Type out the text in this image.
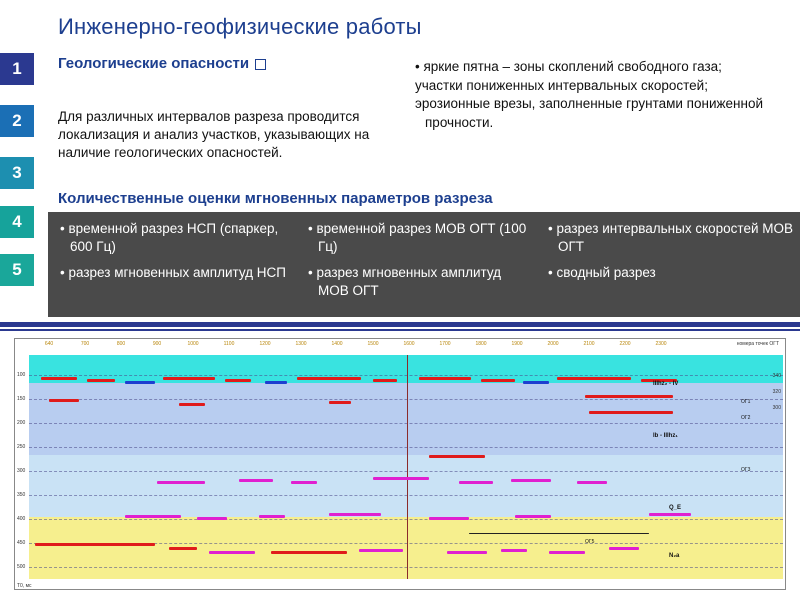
Инженерно-геофизические работы
1
2
3
4
5
Геологические опасности
Для различных интервалов разреза проводится локализация и анализ участков, указывающих на наличие геологических опасностей.
• яркие пятна – зоны скоплений свободного газа;
участки пониженных интервальных скоростей;
эрозионные врезы, заполненные грунтами пониженной прочности.
Количественные оценки мгновенных параметров разреза
• временной разрез НСП (спаркер, 600 Гц)
• разрез мгновенных амплитуд НСП
• временной разрез МОВ ОГТ (100 Гц)
• разрез мгновенных амплитуд МОВ ОГТ
• разрез интервальных скоростей МОВ ОГТ
• сводный разрез
номера точек ОГТ
640	700	800	900	1000	1100	1200	1300	1400	1500	1600	1700	1800	1900	2000	2100	2200	2300
100
150
200
250
300
350
400
450
500
Т0, мс
IIIhz₂ - IV
Ib - IIIhz₁
Q_E
N₂a
ОГ1
ОГ2
ОГ3
ОГ5
340
320
300
